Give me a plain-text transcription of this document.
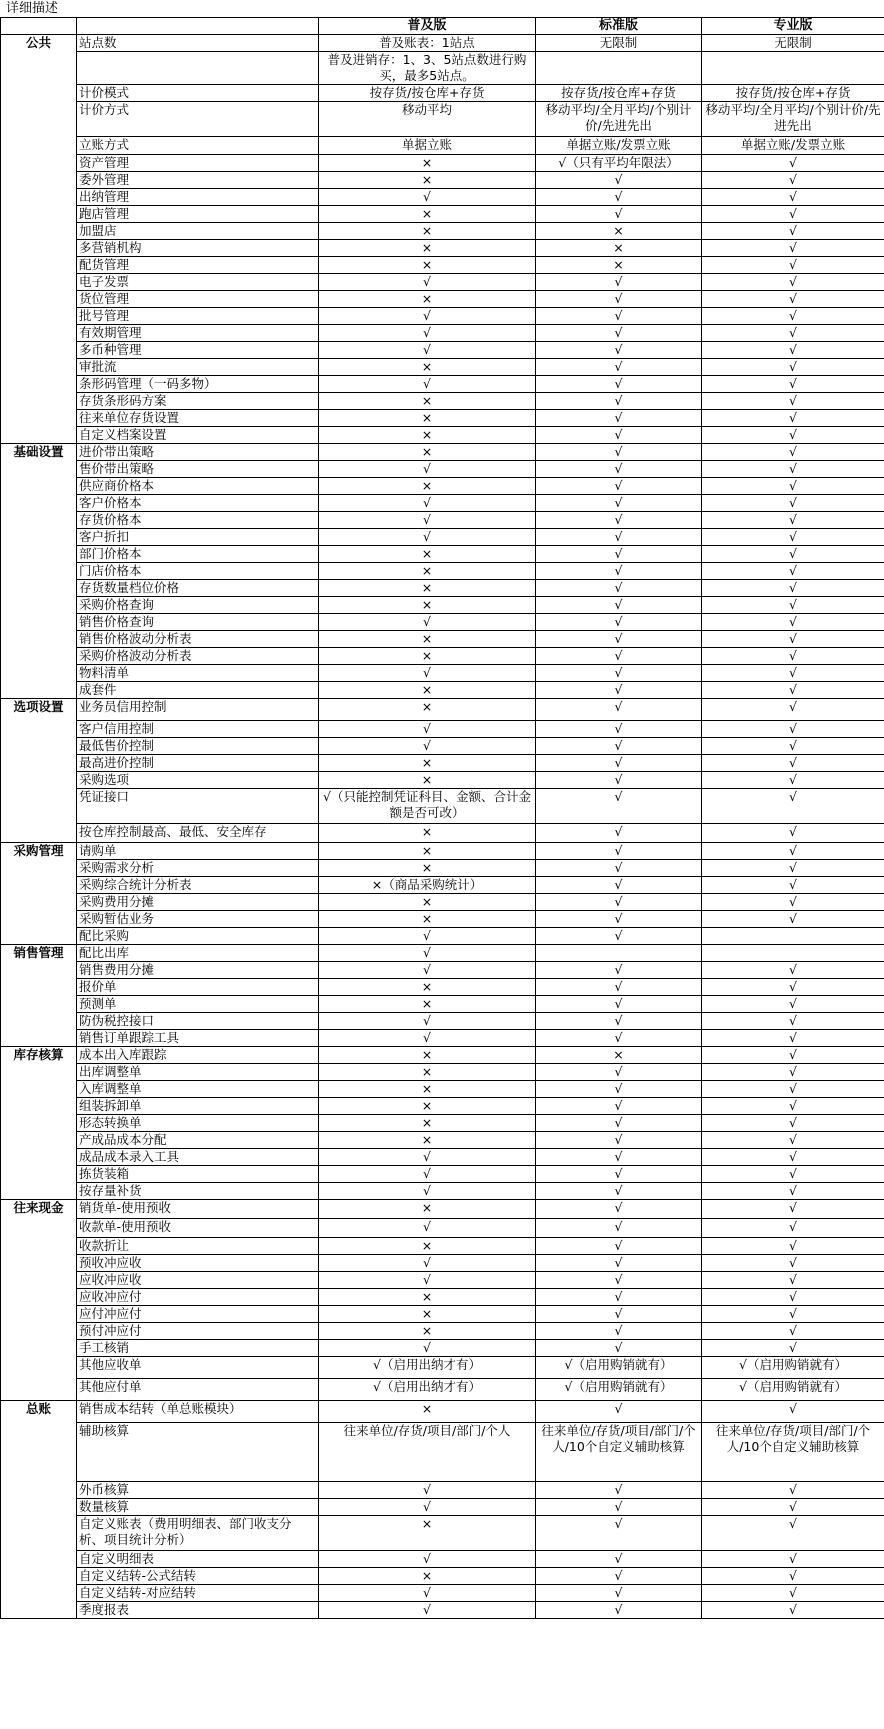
详细描述
		普及版	标准版	专业版
公共	站点数	普及账表：1站点	无限制	无限制
		普及进销存：1、3、5站点数进行购买，最多5站点。		
	计价模式	按存货/按仓库+存货	按存货/按仓库+存货	按存货/按仓库+存货
	计价方式	移动平均	移动平均/全月平均/个别计价/先进先出	移动平均/全月平均/个别计价/先进先出
	立账方式	单据立账	单据立账/发票立账	单据立账/发票立账
	资产管理	×	√（只有平均年限法）	√
	委外管理	×	√	√
	出纳管理	√	√	√
	跑店管理	×	√	√
	加盟店	×	×	√
	多营销机构	×	×	√
	配货管理	×	×	√
	电子发票	√	√	√
	货位管理	×	√	√
	批号管理	√	√	√
	有效期管理	√	√	√
	多币种管理	√	√	√
	审批流	×	√	√
	条形码管理（一码多物）	√	√	√
	存货条形码方案	×	√	√
	往来单位存货设置	×	√	√
	自定义档案设置	×	√	√
基础设置	进价带出策略	×	√	√
	售价带出策略	√	√	√
	供应商价格本	×	√	√
	客户价格本	√	√	√
	存货价格本	√	√	√
	客户折扣	√	√	√
	部门价格本	×	√	√
	门店价格本	×	√	√
	存货数量档位价格	×	√	√
	采购价格查询	×	√	√
	销售价格查询	√	√	√
	销售价格波动分析表	×	√	√
	采购价格波动分析表	×	√	√
	物料清单	√	√	√
	成套件	×	√	√
选项设置	业务员信用控制	×	√	√
	客户信用控制	√	√	√
	最低售价控制	√	√	√
	最高进价控制	×	√	√
	采购选项	×	√	√
	凭证接口	√（只能控制凭证科目、金额、合计金额是否可改）	√	√
	按仓库控制最高、最低、安全库存	×	√	√
采购管理	请购单	×	√	√
	采购需求分析	×	√	√
	采购综合统计分析表	×（商品采购统计）	√	√
	采购费用分摊	×	√	√
	采购暂估业务	×	√	√
	配比采购	√	√	
销售管理	配比出库	√		
	销售费用分摊	√	√	√
	报价单	×	√	√
	预测单	×	√	√
	防伪税控接口	√	√	√
	销售订单跟踪工具	√	√	√
库存核算	成本出入库跟踪	×	×	√
	出库调整单	×	√	√
	入库调整单	×	√	√
	组装拆卸单	×	√	√
	形态转换单	×	√	√
	产成品成本分配	×	√	√
	成品成本录入工具	√	√	√
	拣货装箱	√	√	√
	按存量补货	√	√	√
往来现金	销货单-使用预收	×	√	√
	收款单-使用预收	√	√	√
	收款折让	×	√	√
	预收冲应收	√	√	√
	应收冲应收	√	√	√
	应收冲应付	×	√	√
	应付冲应付	×	√	√
	预付冲应付	×	√	√
	手工核销	√	√	√
	其他应收单	√（启用出纳才有）	√（启用购销就有）	√（启用购销就有）
	其他应付单	√（启用出纳才有）	√（启用购销就有）	√（启用购销就有）
总账	销售成本结转（单总账模块）	×	√	√
	辅助核算	往来单位/存货/项目/部门/个人	往来单位/存货/项目/部门/个人/10个自定义辅助核算	往来单位/存货/项目/部门/个人/10个自定义辅助核算
	外币核算	√	√	√
	数量核算	√	√	√
	自定义账表（费用明细表、部门收支分析、项目统计分析）	×	√	√
	自定义明细表	√	√	√
	自定义结转-公式结转	×	√	√
	自定义结转-对应结转	√	√	√
	季度报表	√	√	√
